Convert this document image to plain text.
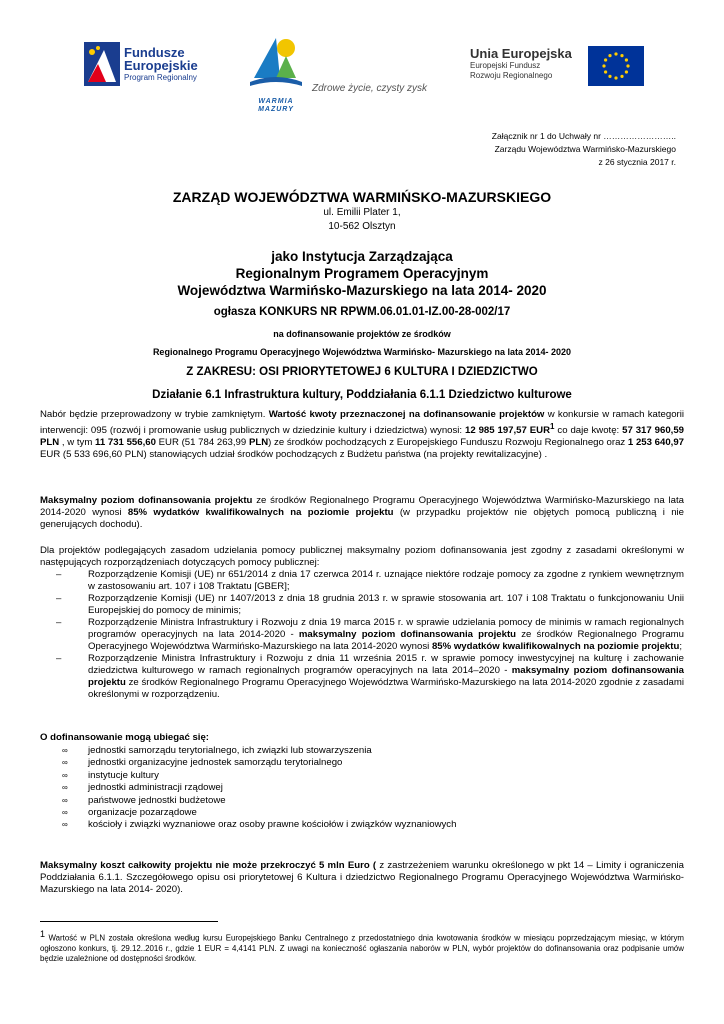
Fundusze
Europejskie
Program Regionalny
WARMIA MAZURY
Zdrowe życie, czysty zysk
Unia Europejska
Europejski Fundusz
Rozwoju Regionalnego
Załącznik nr 1 do Uchwały nr ……………………..
Zarządu Województwa Warmińsko-Mazurskiego
z 26 stycznia 2017 r.
ZARZĄD WOJEWÓDZTWA WARMIŃSKO-MAZURSKIEGO
ul. Emilii Plater 1,
10-562 Olsztyn
jako Instytucja Zarządzająca
Regionalnym Programem Operacyjnym
Województwa Warmińsko-Mazurskiego na lata 2014- 2020
ogłasza KONKURS NR RPWM.06.01.01-IZ.00-28-002/17
na dofinansowanie projektów ze środków
Regionalnego Programu Operacyjnego Województwa Warmińsko- Mazurskiego na lata 2014- 2020
Z ZAKRESU: OSI PRIORYTETOWEJ 6 KULTURA I DZIEDZICTWO
Działanie 6.1 Infrastruktura kultury, Poddziałania 6.1.1 Dziedzictwo kulturowe
Nabór będzie przeprowadzony w trybie zamkniętym. Wartość kwoty przeznaczonej na dofinansowanie projektów w konkursie w ramach kategorii interwencji: 095 (rozwój i promowanie usług publicznych w dziedzinie kultury i dziedzictwa) wynosi: 12 985 197,57 EUR$^1$ co daje kwotę: 57 317 960,59 PLN , w tym 11 731 556,60 EUR (51 784 263,99 PLN) ze środków pochodzących z Europejskiego Funduszu Rozwoju Regionalnego oraz 1 253 640,97 EUR (5 533 696,60 PLN) stanowiących udział środków pochodzących z Budżetu państwa (na projekty rewitalizacyjne) .
Maksymalny poziom dofinansowania projektu ze środków Regionalnego Programu Operacyjnego Województwa Warmińsko-Mazurskiego na lata 2014-2020 wynosi 85% wydatków kwalifikowalnych na poziomie projektu (w przypadku projektów nie objętych pomocą publiczną i nie generujących dochodu).
Dla projektów podlegających zasadom udzielania pomocy publicznej maksymalny poziom dofinansowania jest zgodny z zasadami określonymi w następujących rozporządzeniach dotyczących pomocy publicznej:
– Rozporządzenie Komisji (UE) nr 651/2014 z dnia 17 czerwca 2014 r. uznające niektóre rodzaje pomocy za zgodne z rynkiem wewnętrznym w zastosowaniu art. 107 i 108 Traktatu [GBER];
– Rozporządzenie Komisji (UE) nr 1407/2013 z dnia 18 grudnia 2013 r. w sprawie stosowania art. 107 i 108 Traktatu o funkcjonowaniu Unii Europejskiej do pomocy de minimis;
– Rozporządzenie Ministra Infrastruktury i Rozwoju z dnia 19 marca 2015 r. w sprawie udzielania pomocy de minimis w ramach regionalnych programów operacyjnych na lata 2014-2020 - maksymalny poziom dofinansowania projektu ze środków Regionalnego Programu Operacyjnego Województwa Warmińsko-Mazurskiego na lata 2014-2020 wynosi 85% wydatków kwalifikowalnych na poziomie projektu;
– Rozporządzenie Ministra Infrastruktury i Rozwoju z dnia 11 września 2015 r. w sprawie pomocy inwestycyjnej na kulturę i zachowanie dziedzictwa kulturowego w ramach regionalnych programów operacyjnych na lata 2014–2020 - maksymalny poziom dofinansowania projektu ze środków Regionalnego Programu Operacyjnego Województwa Warmińsko-Mazurskiego na lata 2014-2020 zgodnie z zasadami określonymi w rozporządzeniu.
O dofinansowanie mogą ubiegać się:
∞ jednostki samorządu terytorialnego, ich związki lub stowarzyszenia
∞ jednostki organizacyjne jednostek samorządu terytorialnego
∞ instytucje kultury
∞ jednostki administracji rządowej
∞ państwowe jednostki budżetowe
∞ organizacje pozarządowe
∞ kościoły i związki wyznaniowe oraz osoby prawne kościołów i związków wyznaniowych
Maksymalny koszt całkowity projektu nie może przekroczyć 5 mln Euro ( z zastrzeżeniem warunku określonego w pkt 14 – Limity i ograniczenia Poddziałania 6.1.1. Szczegółowego opisu osi priorytetowej 6 Kultura i dziedzictwo Regionalnego Programu Operacyjnego Województwa Warmińsko-Mazurskiego na lata 2014- 2020).
$^1$ Wartość w PLN została określona według kursu Europejskiego Banku Centralnego z przedostatniego dnia kwotowania środków w miesiącu poprzedzającym miesiąc, w którym ogłoszono konkurs, tj. 29.12..2016 r., gdzie 1 EUR = 4,4141 PLN. Z uwagi na konieczność ogłaszania naborów w PLN, wybór projektów do dofinansowania oraz podpisanie umów będzie uzależnione od dostępności środków.
